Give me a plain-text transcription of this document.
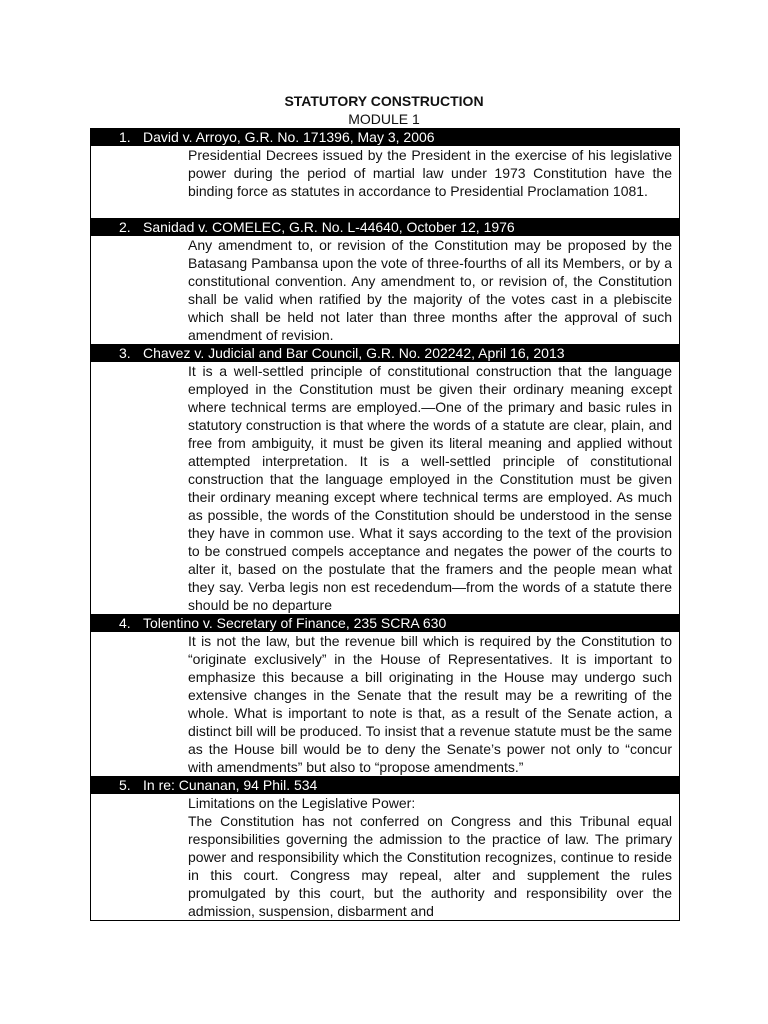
STATUTORY CONSTRUCTION
MODULE 1
1. David v. Arroyo, G.R. No. 171396, May 3, 2006

Presidential Decrees issued by the President in the exercise of his legislative power during the period of martial law under 1973 Constitution have the binding force as statutes in accordance to Presidential Proclamation 1081.

2. Sanidad v. COMELEC, G.R. No. L-44640, October 12, 1976

Any amendment to, or revision of the Constitution may be proposed by the Batasang Pambansa upon the vote of three-fourths of all its Members, or by a constitutional convention. Any amendment to, or revision of, the Constitution shall be valid when ratified by the majority of the votes cast in a plebiscite which shall be held not later than three months after the approval of such amendment of revision.

3. Chavez v. Judicial and Bar Council, G.R. No. 202242, April 16, 2013

It is a well-settled principle of constitutional construction that the language employed in the Constitution must be given their ordinary meaning except where technical terms are employed.—One of the primary and basic rules in statutory construction is that where the words of a statute are clear, plain, and free from ambiguity, it must be given its literal meaning and applied without attempted interpretation. It is a well-settled principle of constitutional construction that the language employed in the Constitution must be given their ordinary meaning except where technical terms are employed. As much as possible, the words of the Constitution should be understood in the sense they have in common use. What it says according to the text of the provision to be construed compels acceptance and negates the power of the courts to alter it, based on the postulate that the framers and the people mean what they say. Verba legis non est recedendum—from the words of a statute there should be no departure

4. Tolentino v. Secretary of Finance, 235 SCRA 630

It is not the law, but the revenue bill which is required by the Constitution to “originate exclusively” in the House of Representatives. It is important to emphasize this because a bill originating in the House may undergo such extensive changes in the Senate that the result may be a rewriting of the whole. What is important to note is that, as a result of the Senate action, a distinct bill will be produced. To insist that a revenue statute must be the same as the House bill would be to deny the Senate’s power not only to “concur with amendments” but also to “propose amendments.”

5. In re: Cunanan, 94 Phil. 534

Limitations on the Legislative Power:

The Constitution has not conferred on Congress and this Tribunal equal responsibilities governing the admission to the practice of law. The primary power and responsibility which the Constitution recognizes, continue to reside in this court. Congress may repeal, alter and supplement the rules promulgated by this court, but the authority and responsibility over the admission, suspension, disbarment and
